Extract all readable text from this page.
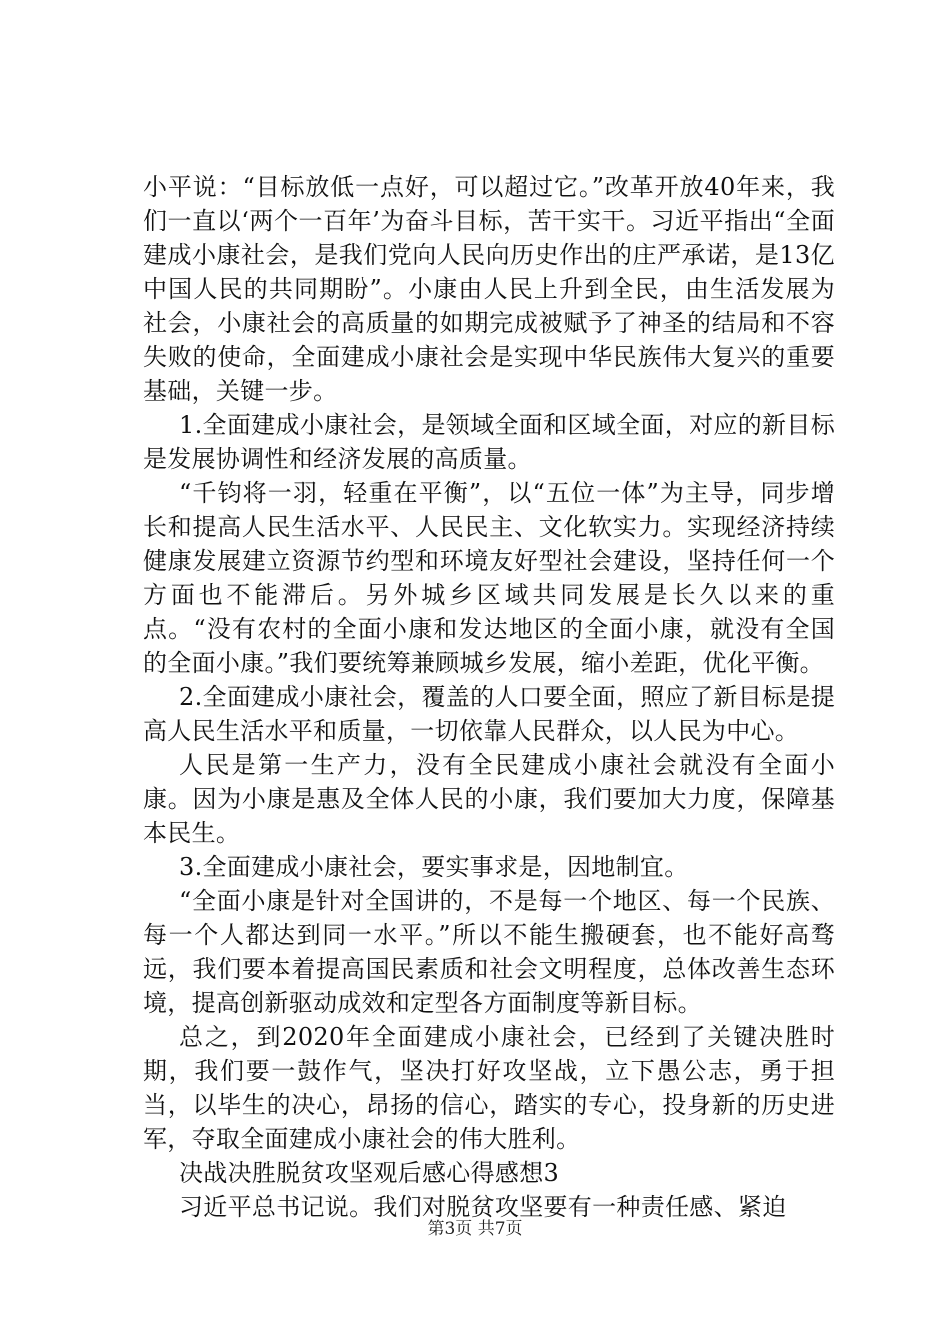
小平说：“目标放低一点好，可以超过它。”改革开放40年来，我们一直以‘两个一百年’为奋斗目标，苦干实干。习近平指出“全面建成小康社会，是我们党向人民向历史作出的庄严承诺，是13亿中国人民的共同期盼”。小康由人民上升到全民，由生活发展为社会，小康社会的高质量的如期完成被赋予了神圣的结局和不容失败的使命，全面建成小康社会是实现中华民族伟大复兴的重要基础，关键一步。

1.全面建成小康社会，是领域全面和区域全面，对应的新目标是发展协调性和经济发展的高质量。

“千钧将一羽，轻重在平衡”，以“五位一体”为主导，同步增长和提高人民生活水平、人民民主、文化软实力。实现经济持续健康发展建立资源节约型和环境友好型社会建设，坚持任何一个方面也不能滞后。另外城乡区域共同发展是长久以来的重点。“没有农村的全面小康和发达地区的全面小康，就没有全国的全面小康。”我们要统筹兼顾城乡发展，缩小差距，优化平衡。

2.全面建成小康社会，覆盖的人口要全面，照应了新目标是提高人民生活水平和质量，一切依靠人民群众，以人民为中心。

人民是第一生产力，没有全民建成小康社会就没有全面小康。因为小康是惠及全体人民的小康，我们要加大力度，保障基本民生。

3.全面建成小康社会，要实事求是，因地制宜。

“全面小康是针对全国讲的，不是每一个地区、每一个民族、每一个人都达到同一水平。”所以不能生搬硬套，也不能好高骛远，我们要本着提高国民素质和社会文明程度，总体改善生态环境，提高创新驱动成效和定型各方面制度等新目标。

总之，到2020年全面建成小康社会，已经到了关键决胜时期，我们要一鼓作气，坚决打好攻坚战，立下愚公志，勇于担当，以毕生的决心，昂扬的信心，踏实的专心，投身新的历史进军，夺取全面建成小康社会的伟大胜利。

决战决胜脱贫攻坚观后感心得感想3

习近平总书记说。我们对脱贫攻坚要有一种责任感、紧迫

第3页 共7页
